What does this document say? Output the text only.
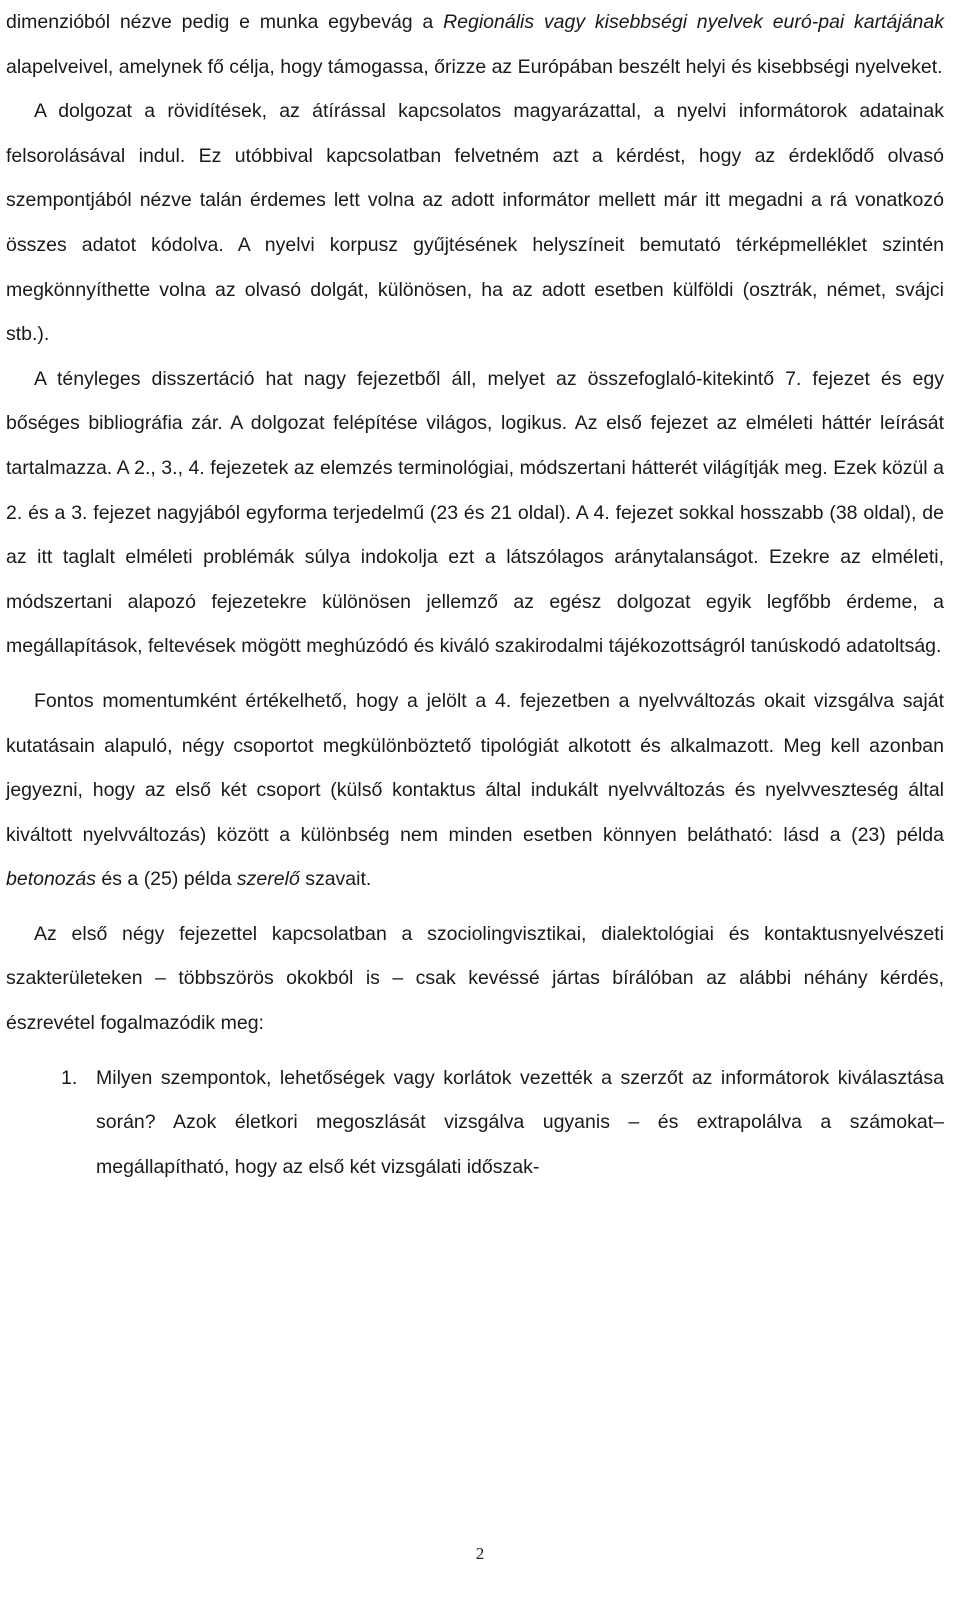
dimenzióból nézve pedig e munka egybevág a Regionális vagy kisebbségi nyelvek euró-pai kartájának alapelveivel, amelynek fő célja, hogy támogassa, őrizze az Európában beszélt helyi és kisebbségi nyelveket.

A dolgozat a rövidítések, az átírással kapcsolatos magyarázattal, a nyelvi informátorok adatainak felsorolásával indul. Ez utóbbival kapcsolatban felvetném azt a kérdést, hogy az érdeklődő olvasó szempontjából nézve talán érdemes lett volna az adott informátor mellett már itt megadni a rá vonatkozó összes adatot kódolva. A nyelvi korpusz gyűjtésének helyszíneit bemutató térképmelléklet szintén megkönnyíthette volna az olvasó dolgát, különösen, ha az adott esetben külföldi (osztrák, német, svájci stb.).

A tényleges disszertáció hat nagy fejezetből áll, melyet az összefoglaló-kitekintő 7. fejezet és egy bőséges bibliográfia zár. A dolgozat felépítése világos, logikus. Az első fejezet az elméleti háttér leírását tartalmazza. A 2., 3., 4. fejezetek az elemzés terminológiai, módszertani hátterét világítják meg. Ezek közül a 2. és a 3. fejezet nagyjából egyforma terjedelmű (23 és 21 oldal). A 4. fejezet sokkal hosszabb (38 oldal), de az itt taglalt elméleti problémák súlya indokolja ezt a látszólagos aránytalanságot. Ezekre az elméleti, módszertani alapozó fejezetekre különösen jellemző az egész dolgozat egyik legfőbb érdeme, a megállapítások, feltevések mögött meghúzódó és kiváló szakirodalmi tájékozottságról tanúskodó adatoltság.

Fontos momentumként értékelhető, hogy a jelölt a 4. fejezetben a nyelvváltozás okait vizsgálva saját kutatásain alapuló, négy csoportot megkülönböztető tipológiát alkotott és alkalmazott. Meg kell azonban jegyezni, hogy az első két csoport (külső kontaktus által indukált nyelvváltozás és nyelvveszteség által kiváltott nyelvváltozás) között a különbség nem minden esetben könnyen belátható: lásd a (23) példa betonozás és a (25) példa szerelő szavait.

Az első négy fejezettel kapcsolatban a szociolingvisztikai, dialektológiai és kontaktusnyelvészeti szakterületeken – többszörös okokból is – csak kevéssé jártas bírálóban az alábbi néhány kérdés, észrevétel fogalmazódik meg:

1. Milyen szempontok, lehetőségek vagy korlátok vezették a szerzőt az informátorok kiválasztása során? Azok életkori megoszlását vizsgálva ugyanis – és extrapolálva a számokat– megállapítható, hogy az első két vizsgálati időszak-
2
